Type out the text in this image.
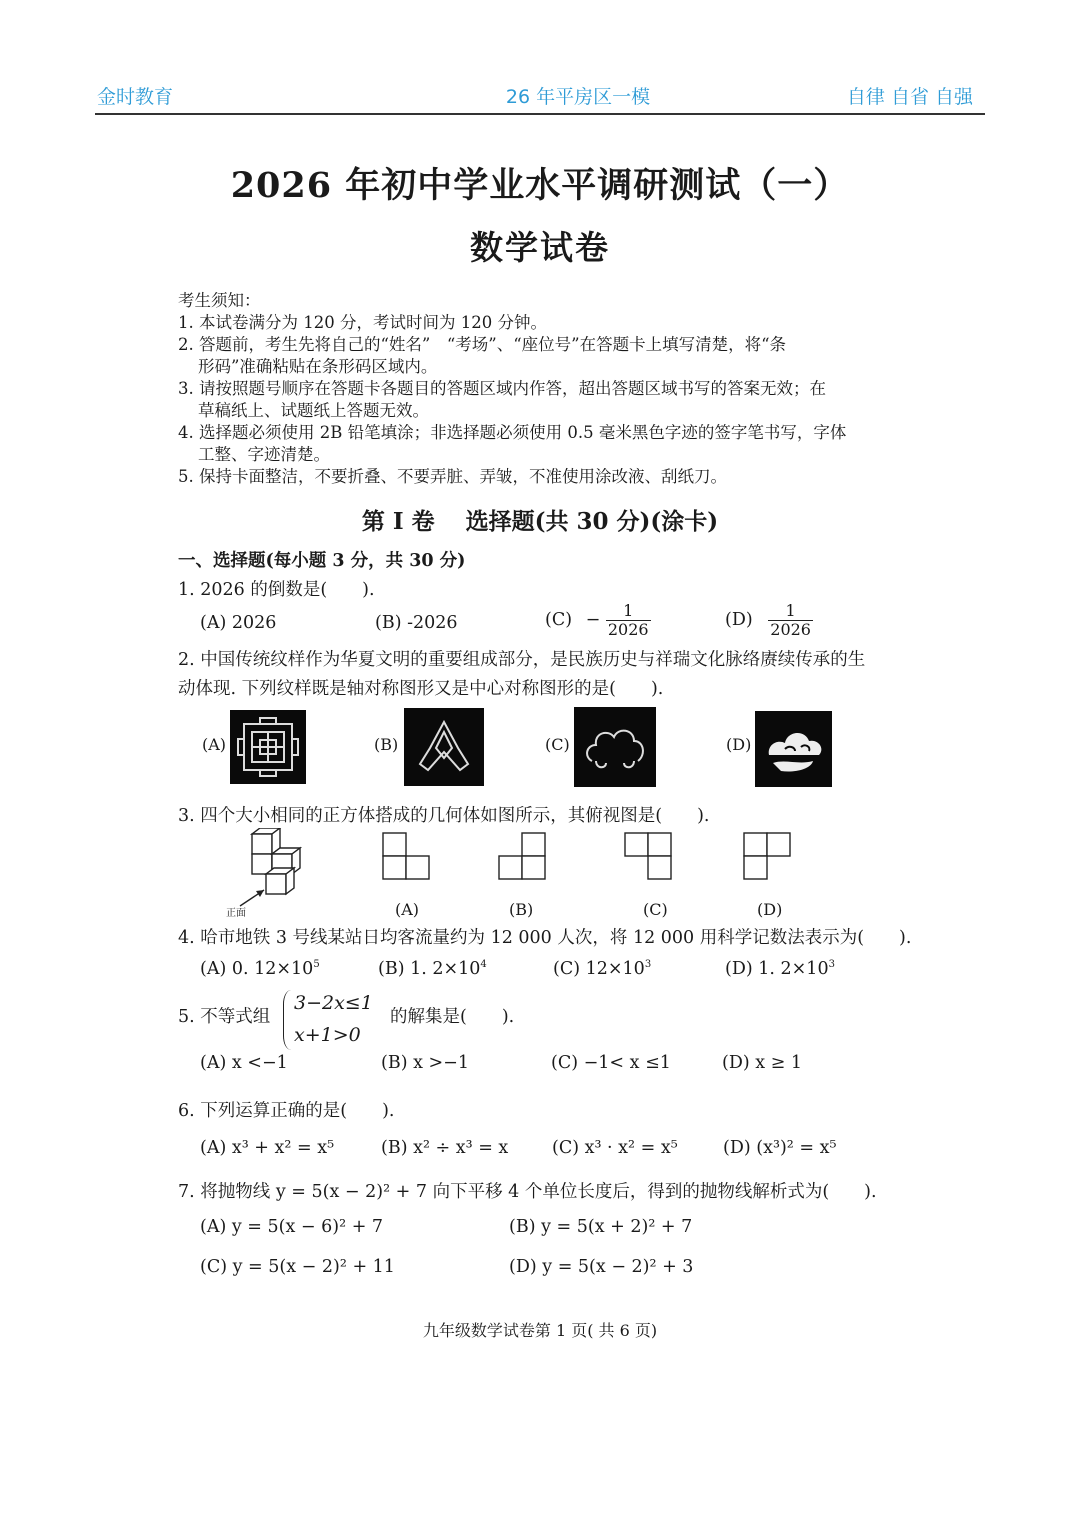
金时教育	26 年平房区一模	自律 自省 自强
2026 年初中学业水平调研测试（一）
数学试卷

考生须知：

1. 本试卷满分为 120 分，考试时间为 120 分钟。

2. 答题前，考生先将自己的“姓名”　“考场”、“座位号”在答题卡上填写清楚，将“条

形码”准确粘贴在条形码区域内。

3. 请按照题号顺序在答题卡各题目的答题区域内作答，超出答题区域书写的答案无效；在

草稿纸上、试题纸上答题无效。

4. 选择题必须使用 2B 铅笔填涂；非选择题必须使用 0.5 毫米黑色字迹的签字笔书写，字体

工整、字迹清楚。

5. 保持卡面整洁，不要折叠、不要弄脏、弄皱，不准使用涂改液、刮纸刀。

第 Ⅰ 卷　 选择题(共 30 分)(涂卡)
一、选择题(每小题 3 分，共 30 分)
1. 2026 的倒数是(　　).
(A) 2026	(B) -2026	$(C) - \frac{1}{2026}$	$(D) \frac{1}{2026}$
2. 中国传统纹样作为华夏文明的重要组成部分，是民族历史与祥瑞文化脉络赓续传承的生
动体现. 下列纹样既是轴对称图形又是中心对称图形的是(　　).
(A)	(B)	(C)	(D)
3. 四个大小相同的正方体搭成的几何体如图所示，其俯视图是(　　).
正面	(A)	(B)	(C)	(D)
4. 哈市地铁 3 号线某站日均客流量约为 12 000 人次，将 12 000 用科学记数法表示为(　　).
(A) 0. $12\times 10^5$	(B) 1. $2\times 10^4$	(C) $12\times 10^3$	(D) 1. $2\times 10^3$
5. 不等式组
3−2x≤1
x+1>0
的解集是(　　).
(A) x <−1	(B) x >−1	(C) −1< x ≤1	(D) x ≥ 1
6. 下列运算正确的是(　　).
(A) x³ + x² = x⁵	(B) x² ÷ x³ = x (C) x³ · x² = x⁵	(D) (x³)² = x⁵
7. 将抛物线 y = 5(x − 2)² + 7 向下平移 4 个单位长度后，得到的抛物线解析式为(　　).
(A) y = 5(x − 6)² + 7	(B) y = 5(x + 2)² + 7
(C) y = 5(x − 2)² + 11	(D) y = 5(x − 2)² + 3
九年级数学试卷第 1 页( 共 6 页)
